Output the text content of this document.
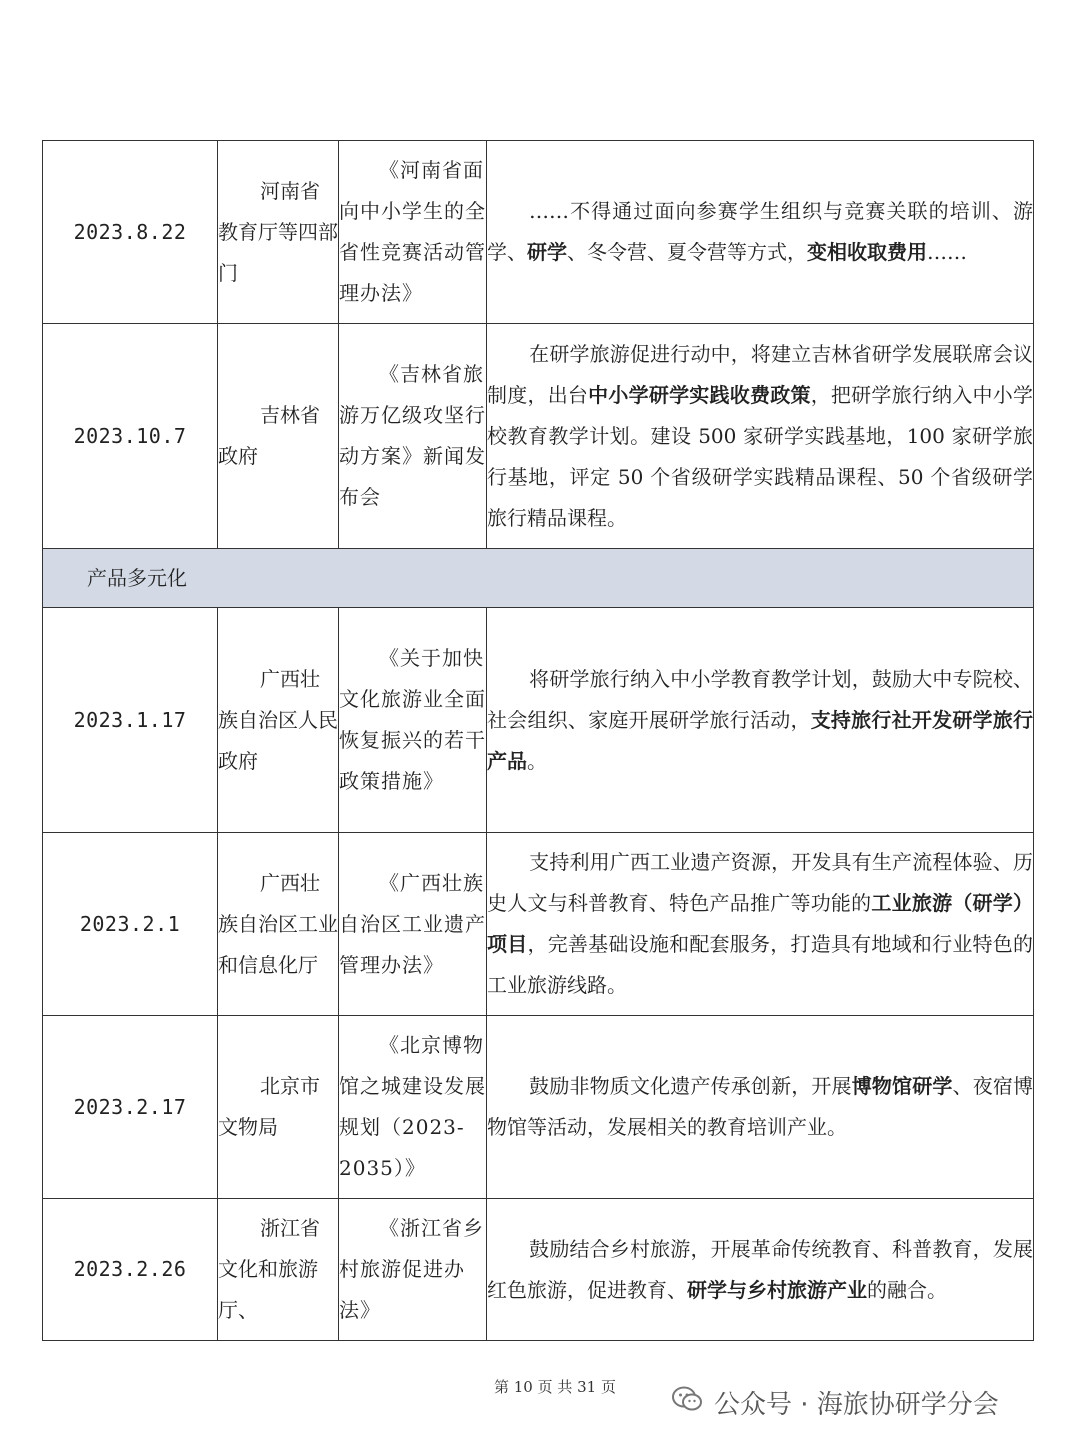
2023.8.22	河南省教育厅等四部门	《河南省面向中小学生的全省性竞赛活动管理办法》	……不得通过面向参赛学生组织与竞赛关联的培训、游学、研学、冬令营、夏令营等方式，变相收取费用……
2023.10.7	吉林省政府	《吉林省旅游万亿级攻坚行动方案》新闻发布会	在研学旅游促进行动中，将建立吉林省研学发展联席会议制度，出台中小学研学实践收费政策，把研学旅行纳入中小学校教育教学计划。建设 500 家研学实践基地，100 家研学旅行基地，评定 50 个省级研学实践精品课程、50 个省级研学旅行精品课程。
产品多元化			
2023.1.17	广西壮族自治区人民政府	《关于加快文化旅游业全面恢复振兴的若干政策措施》	将研学旅行纳入中小学教育教学计划，鼓励大中专院校、社会组织、家庭开展研学旅行活动，支持旅行社开发研学旅行产品。
2023.2.1	广西壮族自治区工业和信息化厅	《广西壮族自治区工业遗产管理办法》	支持利用广西工业遗产资源，开发具有生产流程体验、历史人文与科普教育、特色产品推广等功能的工业旅游（研学）项目，完善基础设施和配套服务，打造具有地域和行业特色的工业旅游线路。
2023.2.17	北京市文物局	《北京博物馆之城建设发展规划（2023-2035）》	鼓励非物质文化遗产传承创新，开展博物馆研学、夜宿博物馆等活动，发展相关的教育培训产业。
2023.2.26	浙江省文化和旅游厅、	《浙江省乡村旅游促进办法》	鼓励结合乡村旅游，开展革命传统教育、科普教育，发展红色旅游，促进教育、研学与乡村旅游产业的融合。
第 10 页 共 31 页
公众号 · 海旅协研学分会
